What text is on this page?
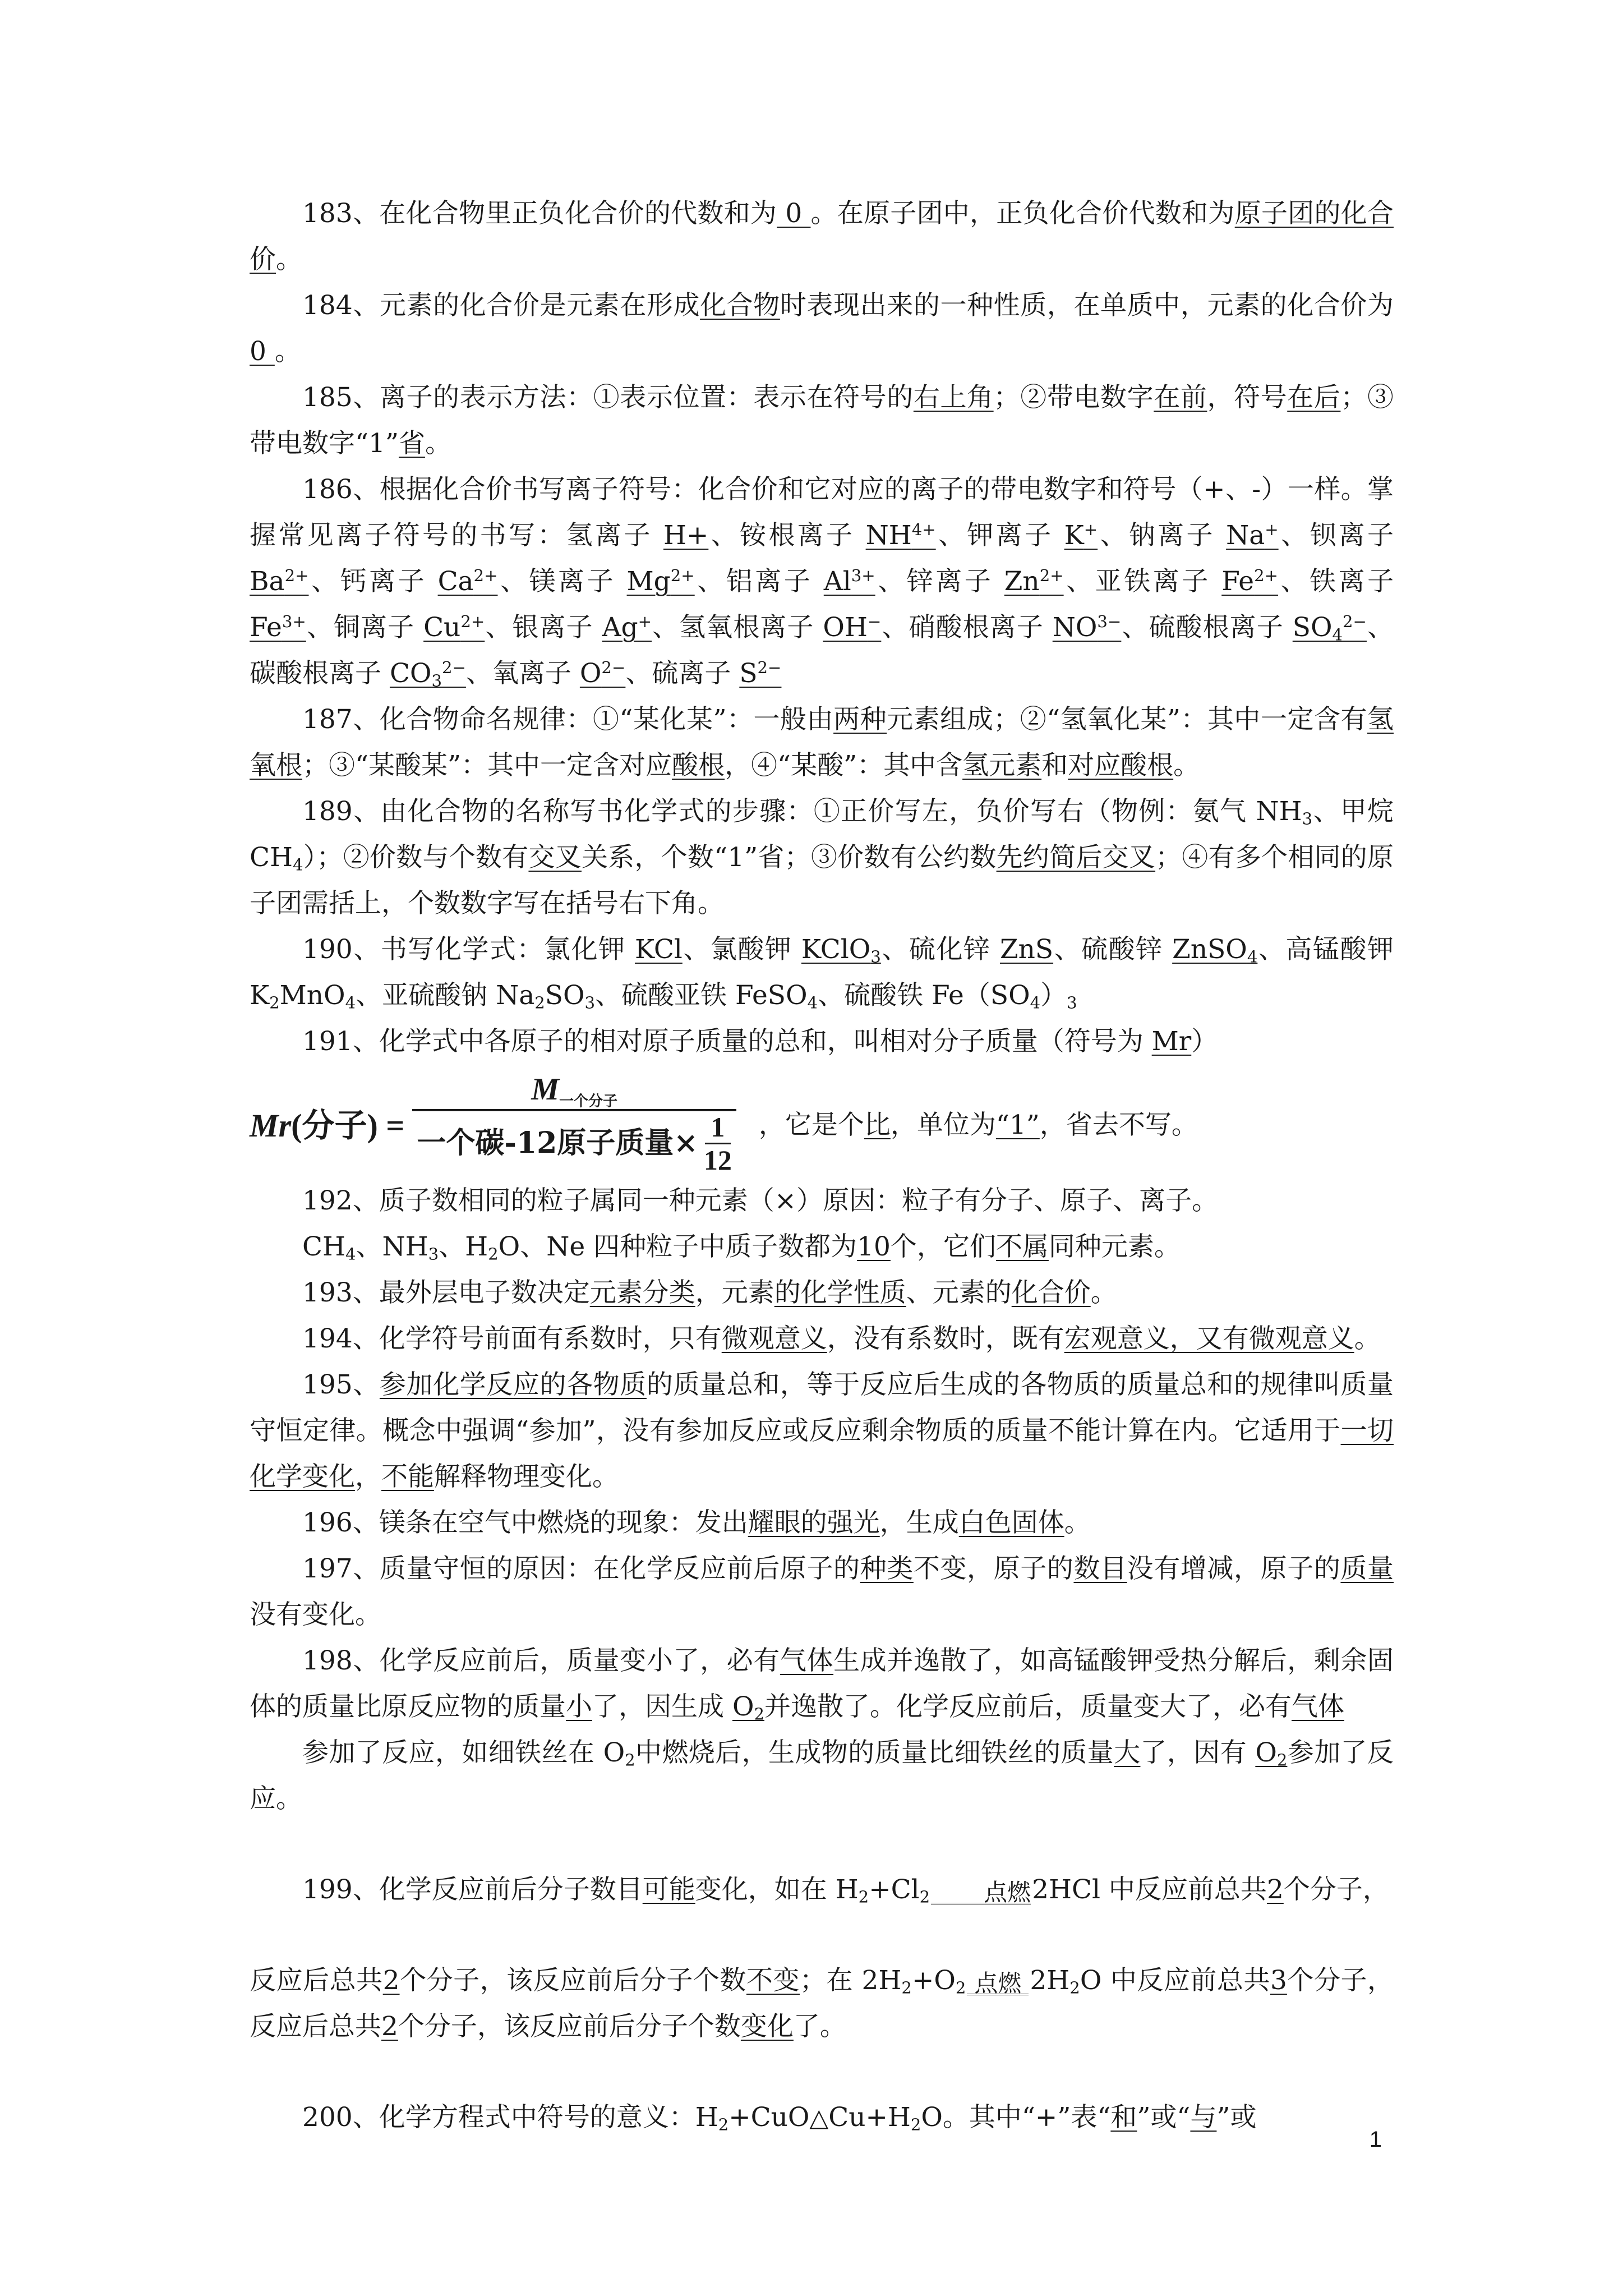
183、在化合物里正负化合价的代数和为 0 。在原子团中，正负化合价代数和为原子团的化合价。

184、元素的化合价是元素在形成化合物时表现出来的一种性质，在单质中，元素的化合价为 0 。

185、离子的表示方法：①表示位置：表示在符号的右上角；②带电数字在前，符号在后；③带电数字“1”省。

186、根据化合价书写离子符号：化合价和它对应的离子的带电数字和符号（+、-）一样。掌握常见离子符号的书写：氢离子 H+、铵根离子 $NH^{4+}$、钾离子 K+、钠离子 Na+、钡离子 $Ba^{2+}$、钙离子 $Ca^{2+}$、镁离子 $Mg^{2+}$、铝离子 $Al^{3+}$、锌离子 $Zn^{2+}$、亚铁离子 $Fe^{2+}$、铁离子 $Fe^{3+}$、铜离子 $Cu^{2+}$、银离子 Ag+、氢氧根离子 OH−、硝酸根离子 $NO^{3-}$、硫酸根离子 $SO_4^{2-}$、碳酸根离子 $CO_3^{2-}$、氧离子 $O^{2-}$、硫离子 $S^{2-}$

187、化合物命名规律：①“某化某”：一般由两种元素组成；②“氢氧化某”：其中一定含有氢氧根；③“某酸某”：其中一定含对应酸根，④“某酸”：其中含氢元素和对应酸根。

189、由化合物的名称写书化学式的步骤：①正价写左，负价写右（物例：氨气 $NH_3$、甲烷 $CH_4$）；②价数与个数有交叉关系，个数“1”省；③价数有公约数先约简后交叉；④有多个相同的原子团需括上，个数数字写在括号右下角。

190、书写化学式：氯化钾 KCl、氯酸钾 KClO$_3$、硫化锌 ZnS、硫酸锌 ZnSO$_4$、高锰酸钾 $K_2MnO_4$、亚硫酸钠 $Na_2SO_3$、硫酸亚铁 FeSO$_4$、硫酸铁 $Fe(SO_4)_3$

191、化学式中各原子的相对原子质量的总和，叫相对分子质量（符号为 Mr）

Mr(分子) = $M_{一个分子}$
一个碳-12原子质量× 1
12 ，它是个比，单位为“1”，省去不写。

192、质子数相同的粒子属同一种元素（×）原因：粒子有分子、原子、离子。

$CH_4$、$NH_3$、$H_2O$、Ne 四种粒子中质子数都为10个，它们不属同种元素。

193、最外层电子数决定元素分类，元素的化学性质、元素的化合价。

194、化学符号前面有系数时，只有微观意义，没有系数时，既有宏观意义，又有微观意义。

195、参加化学反应的各物质的质量总和，等于反应后生成的各物质的质量总和的规律叫质量守恒定律。概念中强调“参加”，没有参加反应或反应剩余物质的质量不能计算在内。它适用于一切化学变化，不能解释物理变化。

196、镁条在空气中燃烧的现象：发出耀眼的强光，生成白色固体。

197、质量守恒的原因：在化学反应前后原子的种类不变，原子的数目没有增减，原子的质量没有变化。

198、化学反应前后，质量变小了，必有气体生成并逸散了，如高锰酸钾受热分解后，剩余固体的质量比原反应物的质量小了，因生成 $O_2$并逸散了。化学反应前后，质量变大了，必有气体

参加了反应，如细铁丝在 $O_2$中燃烧后，生成物的质量比细铁丝的质量大了，因有 $O_2$参加了反应。

199、化学反应前后分子数目可能变化，如在 $H_2+Cl_2$	点燃 2HCl 中反应前总共2个分子，

反应后总共2个分子，该反应前后分子个数不变；在 $2H_2+O_2$ 点燃 $2H_2O$ 中反应前总共3个分子，反应后总共2个分子，该反应前后分子个数变化了。

200、化学方程式中符号的意义：$H_2+CuO\triangle Cu+H_2O$。其中“+”表“和”或“与”或

1
